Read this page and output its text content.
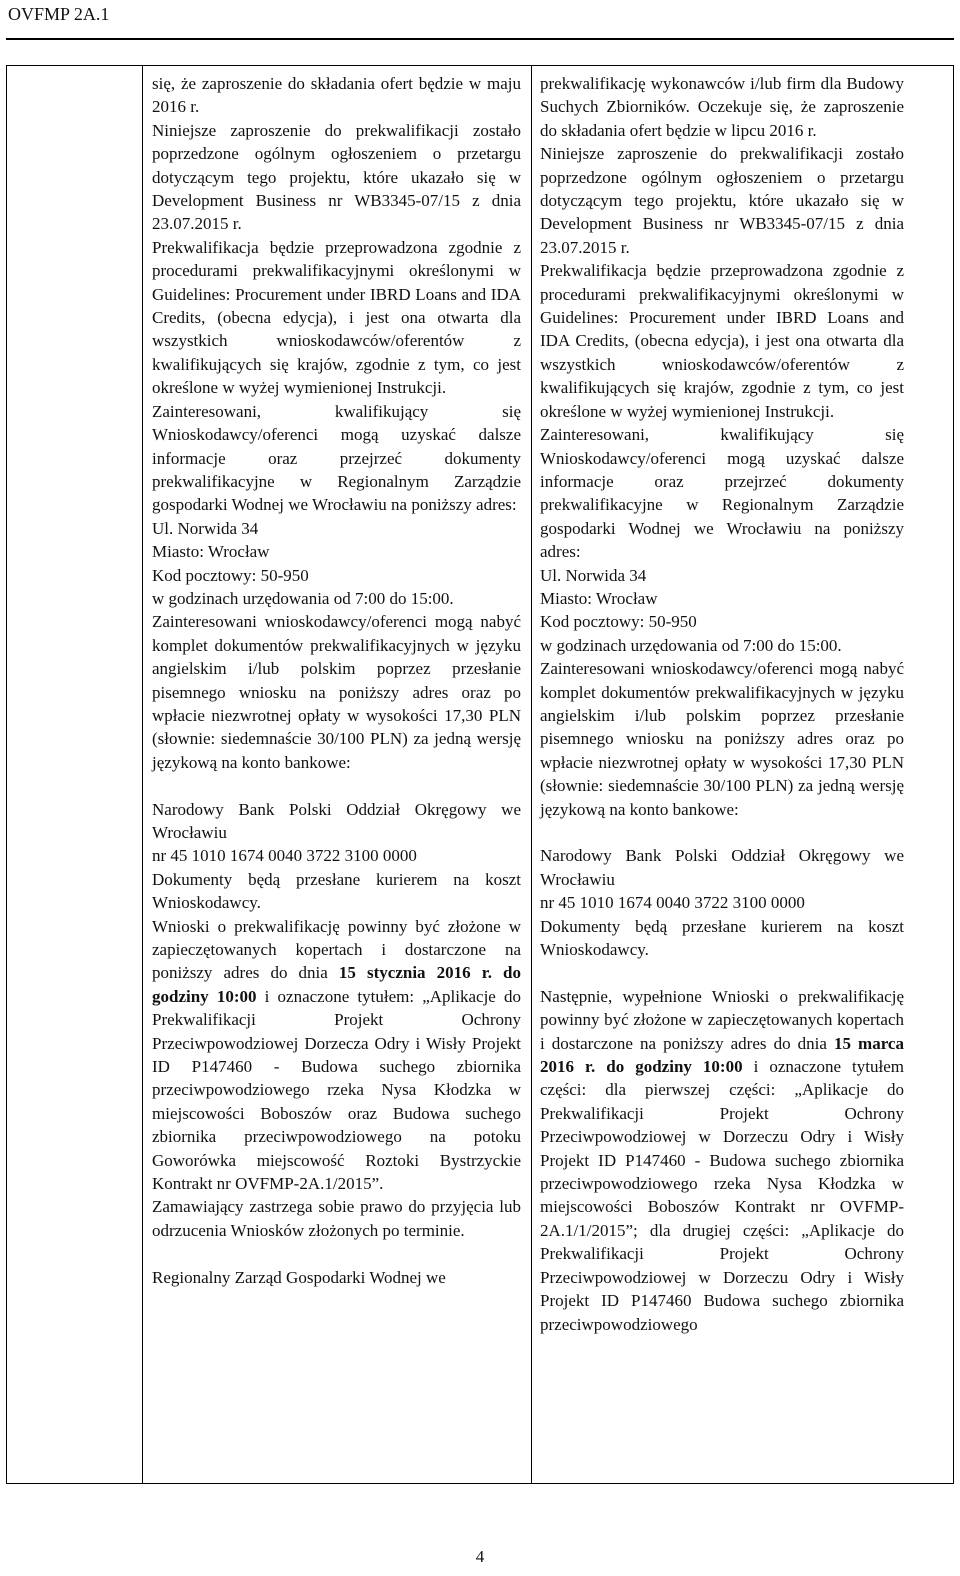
OVFMP 2A.1

się, że zaproszenie do składania ofert będzie w maju 2016 r.

Niniejsze zaproszenie do prekwalifikacji zostało poprzedzone ogólnym ogłoszeniem o przetargu dotyczącym tego projektu, które ukazało się w Development Business nr WB3345-07/15 z dnia 23.07.2015 r.

Prekwalifikacja będzie przeprowadzona zgodnie z procedurami prekwalifikacyjnymi określonymi w Guidelines: Procurement under IBRD Loans and IDA Credits, (obecna edycja), i jest ona otwarta dla wszystkich wnioskodawców/oferentów z kwalifikujących się krajów, zgodnie z tym, co jest określone w wyżej wymienionej Instrukcji.

Zainteresowani, kwalifikujący się Wnioskodawcy/oferenci mogą uzyskać dalsze informacje oraz przejrzeć dokumenty prekwalifikacyjne w Regionalnym Zarządzie gospodarki Wodnej we Wrocławiu na poniższy adres:

Ul. Norwida 34

Miasto: Wrocław

Kod pocztowy: 50-950

w godzinach urzędowania od 7:00 do 15:00.

Zainteresowani wnioskodawcy/oferenci mogą nabyć komplet dokumentów prekwalifikacyjnych w języku angielskim i/lub polskim poprzez przesłanie pisemnego wniosku na poniższy adres oraz po wpłacie niezwrotnej opłaty w wysokości 17,30 PLN (słownie: siedemnaście 30/100 PLN) za jedną wersję językową na konto bankowe:

Narodowy Bank Polski Oddział Okręgowy we Wrocławiu

nr 45 1010 1674 0040 3722 3100 0000

Dokumenty będą przesłane kurierem na koszt Wnioskodawcy.

Wnioski o prekwalifikację powinny być złożone w zapieczętowanych kopertach i dostarczone na poniższy adres do dnia 15 stycznia 2016 r. do godziny 10:00 i oznaczone tytułem: „Aplikacje do Prekwalifikacji Projekt Ochrony Przeciwpowodziowej Dorzecza Odry i Wisły Projekt ID P147460 - Budowa suchego zbiornika przeciwpowodziowego rzeka Nysa Kłodzka w miejscowości Boboszów oraz Budowa suchego zbiornika przeciwpowodziowego na potoku Goworówka miejscowość Roztoki Bystrzyckie Kontrakt nr OVFMP-2A.1/2015”.

Zamawiający zastrzega sobie prawo do przyjęcia lub odrzucenia Wniosków złożonych po terminie.

Regionalny Zarząd Gospodarki Wodnej we

prekwalifikację wykonawców i/lub firm dla Budowy Suchych Zbiorników. Oczekuje się, że zaproszenie do składania ofert będzie w lipcu 2016 r.

Niniejsze zaproszenie do prekwalifikacji zostało poprzedzone ogólnym ogłoszeniem o przetargu dotyczącym tego projektu, które ukazało się w Development Business nr WB3345-07/15 z dnia 23.07.2015 r.

Prekwalifikacja będzie przeprowadzona zgodnie z procedurami prekwalifikacyjnymi określonymi w Guidelines: Procurement under IBRD Loans and IDA Credits, (obecna edycja), i jest ona otwarta dla wszystkich wnioskodawców/oferentów z kwalifikujących się krajów, zgodnie z tym, co jest określone w wyżej wymienionej Instrukcji.

Zainteresowani, kwalifikujący się Wnioskodawcy/oferenci mogą uzyskać dalsze informacje oraz przejrzeć dokumenty prekwalifikacyjne w Regionalnym Zarządzie gospodarki Wodnej we Wrocławiu na poniższy adres:

Ul. Norwida 34

Miasto: Wrocław

Kod pocztowy: 50-950

w godzinach urzędowania od 7:00 do 15:00.

Zainteresowani wnioskodawcy/oferenci mogą nabyć komplet dokumentów prekwalifikacyjnych w języku angielskim i/lub polskim poprzez przesłanie pisemnego wniosku na poniższy adres oraz po wpłacie niezwrotnej opłaty w wysokości 17,30 PLN (słownie: siedemnaście 30/100 PLN) za jedną wersję językową na konto bankowe:

Narodowy Bank Polski Oddział Okręgowy we Wrocławiu

nr 45 1010 1674 0040 3722 3100 0000

Dokumenty będą przesłane kurierem na koszt Wnioskodawcy.

Następnie, wypełnione Wnioski o prekwalifikację powinny być złożone w zapieczętowanych kopertach i dostarczone na poniższy adres do dnia 15 marca 2016 r. do godziny 10:00 i oznaczone tytułem części: dla pierwszej części: „Aplikacje do Prekwalifikacji Projekt Ochrony Przeciwpowodziowej w Dorzeczu Odry i Wisły Projekt ID P147460 - Budowa suchego zbiornika przeciwpowodziowego rzeka Nysa Kłodzka w miejscowości Boboszów Kontrakt nr OVFMP-2A.1/1/2015”; dla drugiej części: „Aplikacje do Prekwalifikacji Projekt Ochrony Przeciwpowodziowej w Dorzeczu Odry i Wisły Projekt ID P147460 Budowa suchego zbiornika przeciwpowodziowego

4
